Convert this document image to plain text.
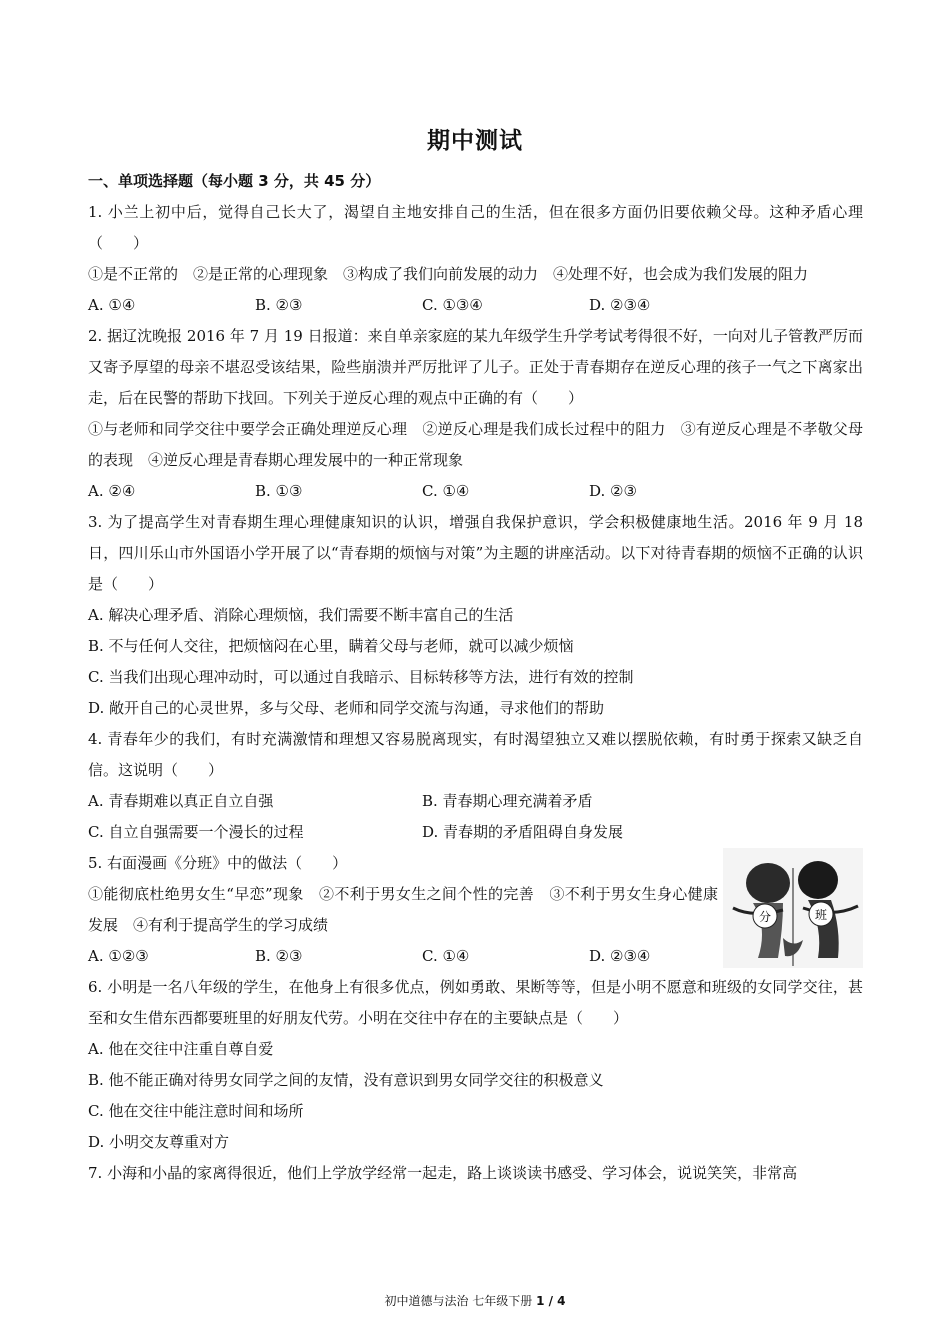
期中测试
一、单项选择题（每小题 3 分，共 45 分）

1. 小兰上初中后，觉得自己长大了，渴望自主地安排自己的生活，但在很多方面仍旧要依赖父母。这种矛盾心理（　　）

①是不正常的　②是正常的心理现象　③构成了我们向前发展的动力　④处理不好，也会成为我们发展的阻力

A. ①④	B. ②③	C. ①③④	D. ②③④

2. 据辽沈晚报 2016 年 7 月 19 日报道：来自单亲家庭的某九年级学生升学考试考得很不好，一向对儿子管教严厉而又寄予厚望的母亲不堪忍受该结果，险些崩溃并严厉批评了儿子。正处于青春期存在逆反心理的孩子一气之下离家出走，后在民警的帮助下找回。下列关于逆反心理的观点中正确的有（　　）

①与老师和同学交往中要学会正确处理逆反心理　②逆反心理是我们成长过程中的阻力　③有逆反心理是不孝敬父母的表现　④逆反心理是青春期心理发展中的一种正常现象

A. ②④	B. ①③	C. ①④	D. ②③

3. 为了提高学生对青春期生理心理健康知识的认识，增强自我保护意识，学会积极健康地生活。2016 年 9 月 18 日，四川乐山市外国语小学开展了以“青春期的烦恼与对策”为主题的讲座活动。以下对待青春期的烦恼不正确的认识是（　　）

A. 解决心理矛盾、消除心理烦恼，我们需要不断丰富自己的生活

B. 不与任何人交往，把烦恼闷在心里，瞒着父母与老师，就可以减少烦恼

C. 当我们出现心理冲动时，可以通过自我暗示、目标转移等方法，进行有效的控制

D. 敞开自己的心灵世界，多与父母、老师和同学交流与沟通，寻求他们的帮助

4. 青春年少的我们，有时充满激情和理想又容易脱离现实，有时渴望独立又难以摆脱依赖，有时勇于探索又缺乏自信。这说明（　　）

A. 青春期难以真正自立自强	B. 青春期心理充满着矛盾
C. 自立自强需要一个漫长的过程	D. 青春期的矛盾阻碍自身发展

5. 右面漫画《分班》中的做法（　　）

①能彻底杜绝男女生“早恋”现象　②不利于男女生之间个性的完善　③不利于男女生身心健康发展　④有利于提高学生的学习成绩

A. ①②③	B. ②③	C. ①④	D. ②③④
分	班

6. 小明是一名八年级的学生，在他身上有很多优点，例如勇敢、果断等等，但是小明不愿意和班级的女同学交往，甚至和女生借东西都要班里的好朋友代劳。小明在交往中存在的主要缺点是（　　）

A. 他在交往中注重自尊自爱

B. 他不能正确对待男女同学之间的友情，没有意识到男女同学交往的积极意义

C. 他在交往中能注意时间和场所

D. 小明交友尊重对方

7. 小海和小晶的家离得很近，他们上学放学经常一起走，路上谈谈读书感受、学习体会，说说笑笑，非常高

初中道德与法治 七年级下册 1 / 4
